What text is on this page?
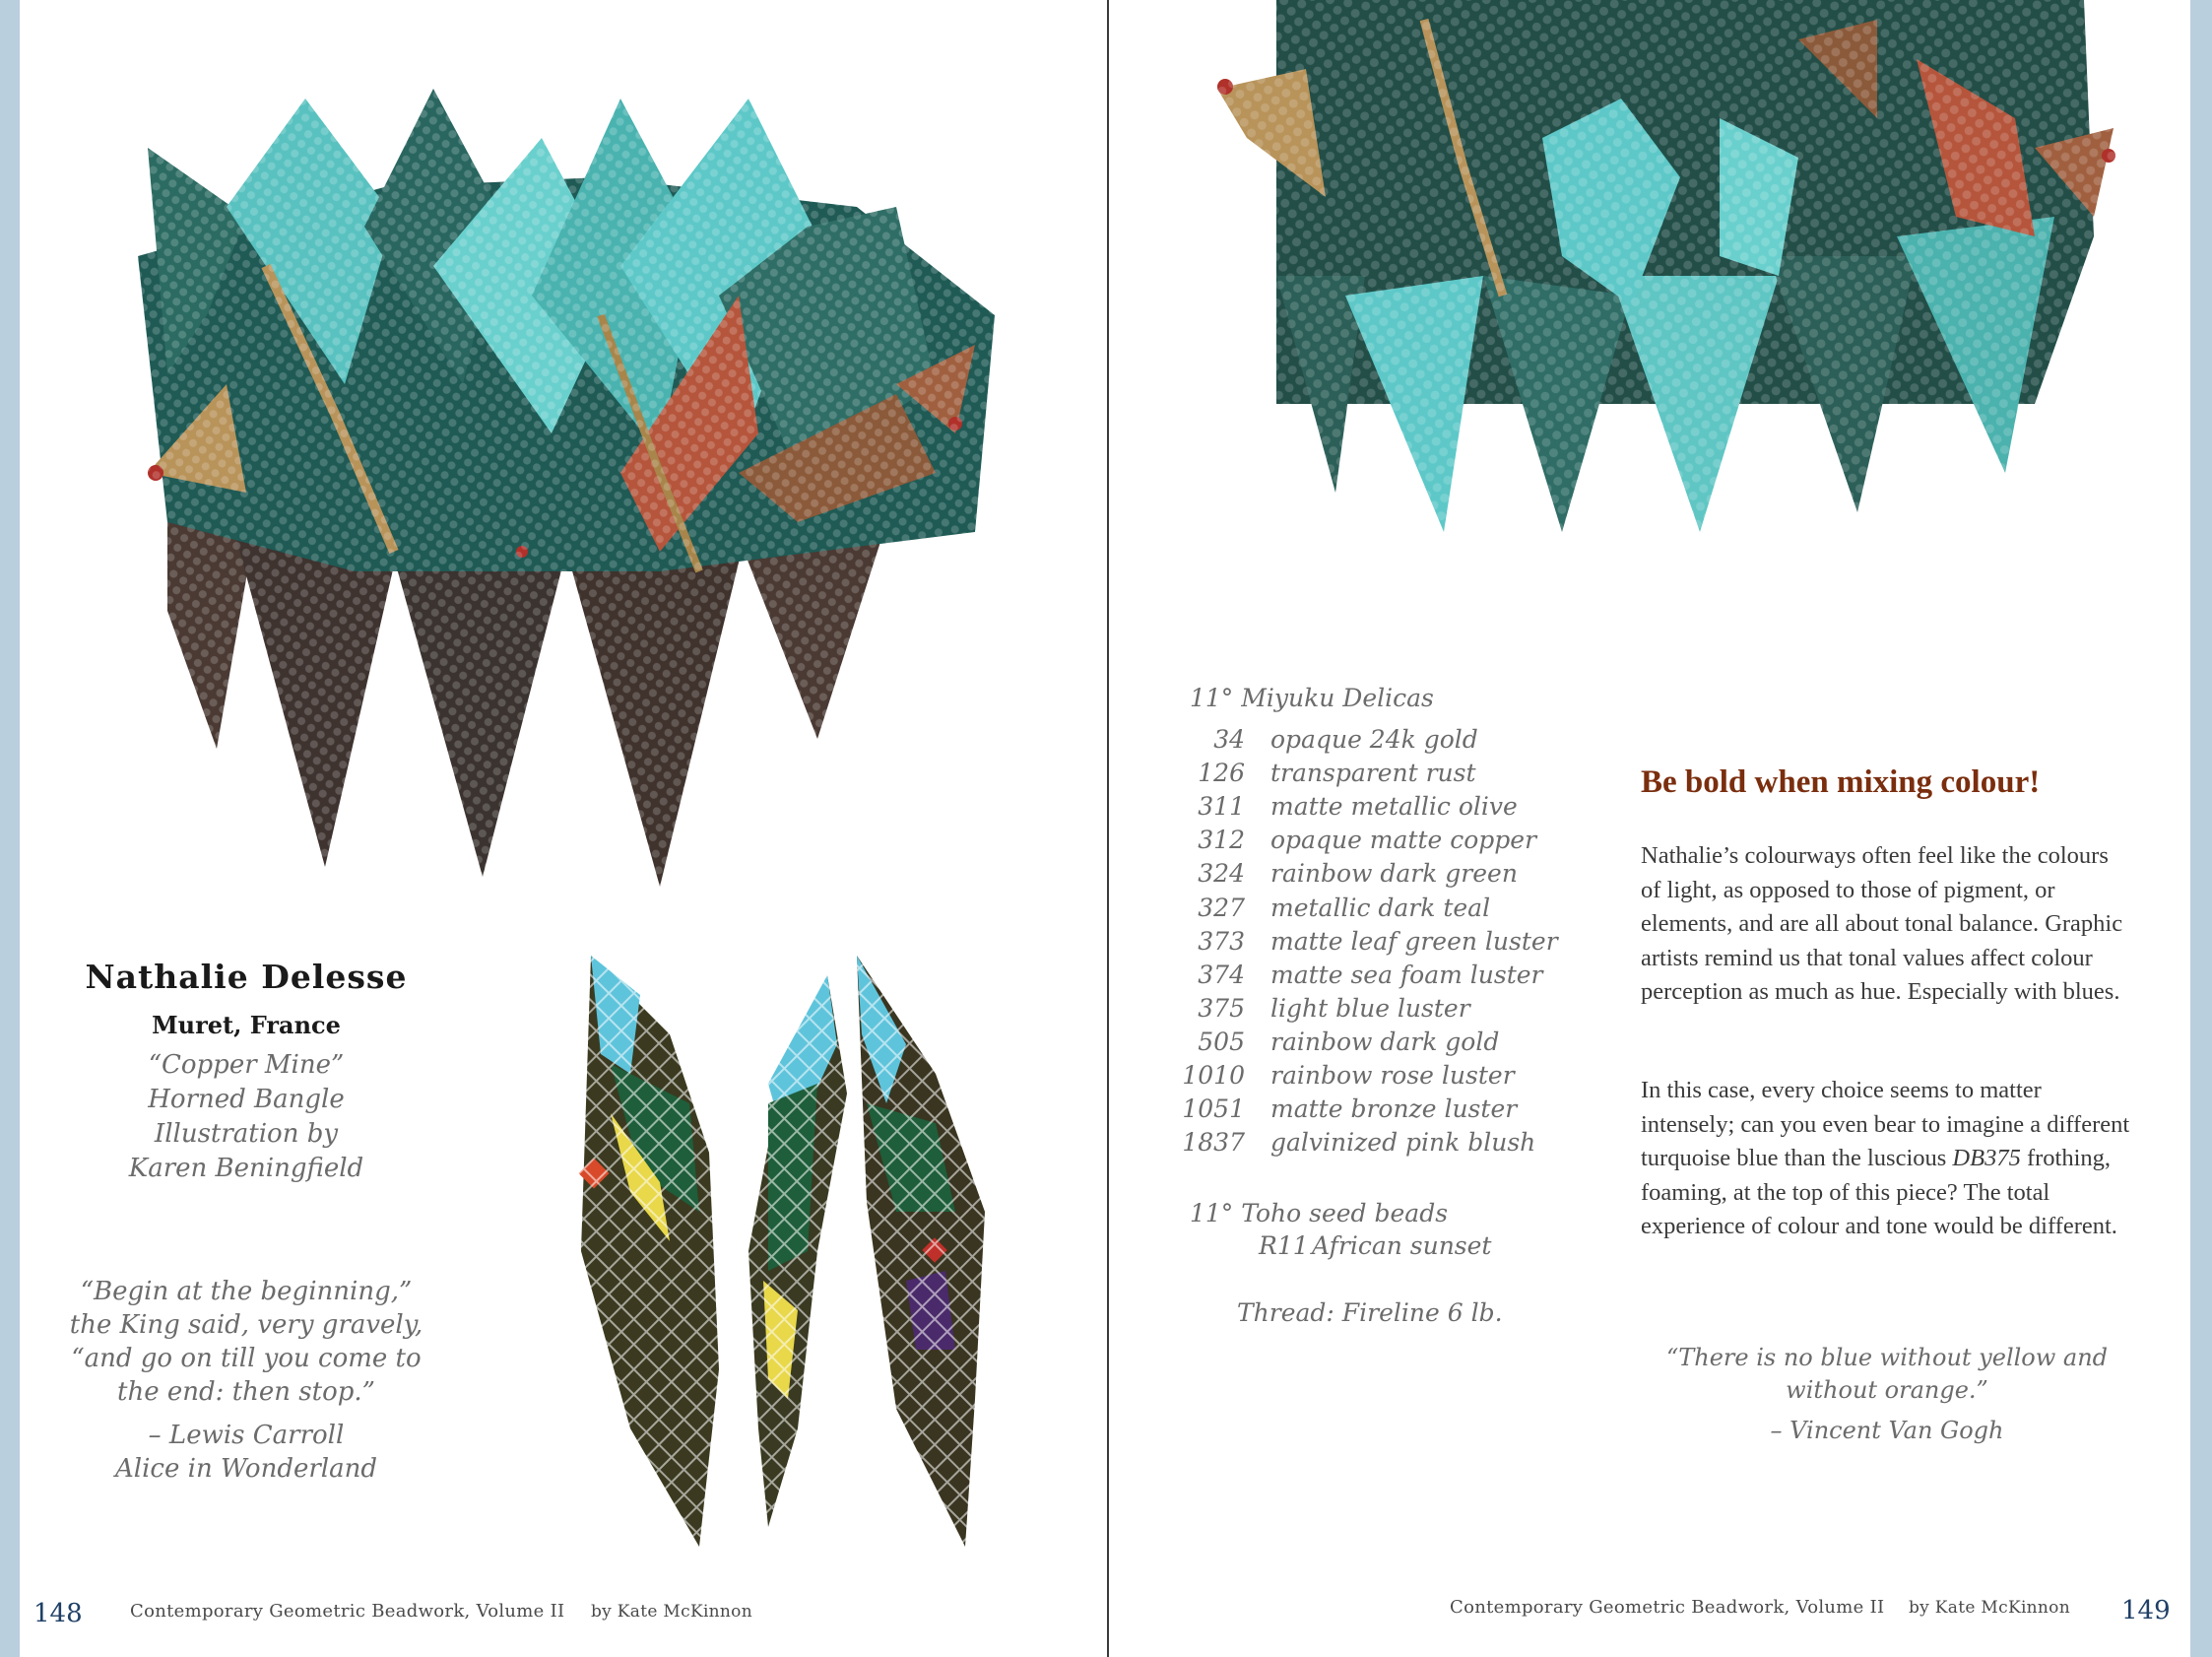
Nathalie Delesse
Muret, France
“Copper Mine”
Horned Bangle
Illustration by
Karen Beningfield
“Begin at the beginning,”
the King said, very gravely,
“and go on till you come to
the end: then stop.”
– Lewis Carroll
Alice in Wonderland
148	Contemporary Geometric Beadwork, Volume II by Kate McKinnon
11° Miyuku Delicas
34 opaque 24k gold
126 transparent rust
311 matte metallic olive
312 opaque matte copper
324 rainbow dark green
327 metallic dark teal
373 matte leaf green luster
374 matte sea foam luster
375 light blue luster
505 rainbow dark gold
1010 rainbow rose luster
1051 matte bronze luster
1837 galvinized pink blush
11° Toho seed beads
R11 African sunset
Thread: Fireline 6 lb.
Be bold when mixing colour!
Nathalie’s colourways often feel like the colours of light, as opposed to those of pigment, or elements, and are all about tonal balance. Graphic artists remind us that tonal values affect colour perception as much as hue. Especially with blues.
In this case, every choice seems to matter intensely; can you even bear to imagine a different turquoise blue than the luscious DB375 frothing, foaming, at the top of this piece? The total experience of colour and tone would be different.
“There is no blue without yellow and
without orange.”
– Vincent Van Gogh
Contemporary Geometric Beadwork, Volume II by Kate McKinnon 149
